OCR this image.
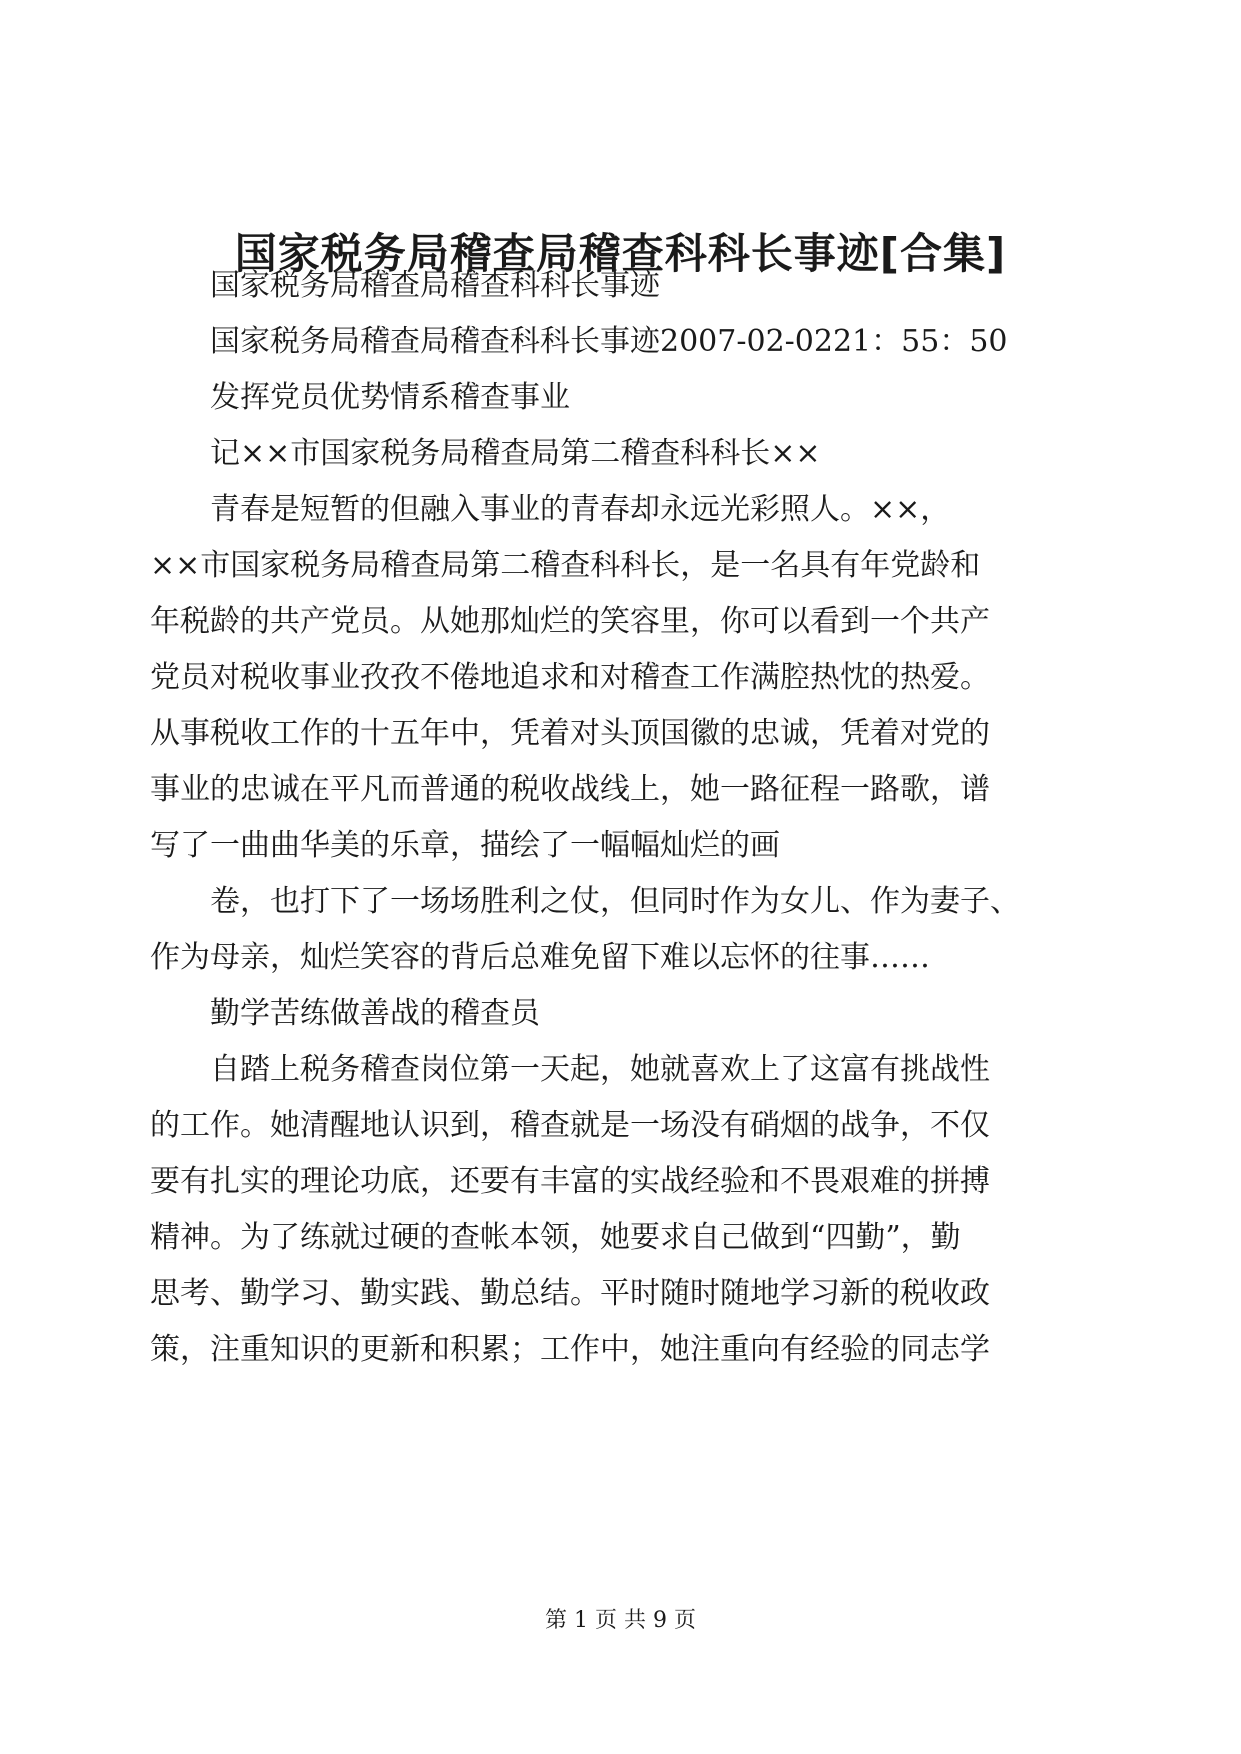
国家税务局稽查局稽查科科长事迹[合集]

国家税务局稽查局稽查科科长事迹

国家税务局稽查局稽查科科长事迹2007-02-0221：55：50

发挥党员优势情系稽查事业

记××市国家税务局稽查局第二稽查科科长××

青春是短暂的但融入事业的青春却永远光彩照人。××，

××市国家税务局稽查局第二稽查科科长，是一名具有年党龄和

年税龄的共产党员。从她那灿烂的笑容里，你可以看到一个共产

党员对税收事业孜孜不倦地追求和对稽查工作满腔热忱的热爱。

从事税收工作的十五年中，凭着对头顶国徽的忠诚，凭着对党的

事业的忠诚在平凡而普通的税收战线上，她一路征程一路歌，谱

写了一曲曲华美的乐章，描绘了一幅幅灿烂的画

卷，也打下了一场场胜利之仗，但同时作为女儿、作为妻子、

作为母亲，灿烂笑容的背后总难免留下难以忘怀的往事……

勤学苦练做善战的稽查员

自踏上税务稽查岗位第一天起，她就喜欢上了这富有挑战性

的工作。她清醒地认识到，稽查就是一场没有硝烟的战争，不仅

要有扎实的理论功底，还要有丰富的实战经验和不畏艰难的拼搏

精神。为了练就过硬的查帐本领，她要求自己做到“四勤”，勤

思考、勤学习、勤实践、勤总结。平时随时随地学习新的税收政

策，注重知识的更新和积累；工作中，她注重向有经验的同志学

第 1 页 共 9 页
